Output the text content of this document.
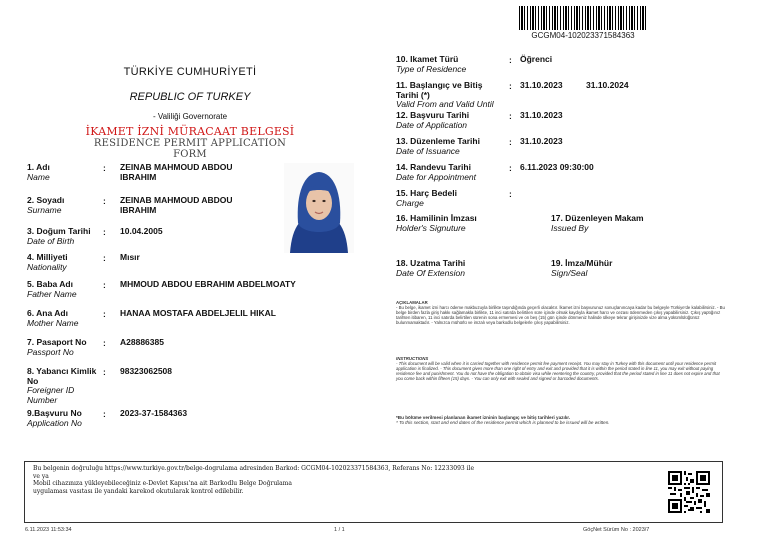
GCGM04-102023371584363
TÜRKİYE CUMHURİYETİ
REPUBLIC OF TURKEY
- Valiliği Governorate
İKAMET İZNİ MÜRACAAT BELGESİ
RESIDENCE PERMIT APPLICATION FORM
1. Adı
Name
: ZEINAB MAHMOUD ABDOU IBRAHIM
2. Soyadı
Surname
: ZEINAB MAHMOUD ABDOU IBRAHIM
3. Doğum Tarihi
Date of Birth
: 10.04.2005
4. Milliyeti
Nationality
: Mısır
5. Baba Adı
Father Name
: MHMOUD ABDOU EBRAHIM ABDELMOATY
6. Ana Adı
Mother Name
: HANAA MOSTAFA ABDELJELIL HIKAL
7. Pasaport No
Passport No
: A28886385
8. Yabancı Kimlik No
Foreigner ID Number
: 98323062508
9.Başvuru No
Application No
: 2023-37-1584363
10. Ikamet Türü
Type of Residence
: Öğrenci
11. Başlangıç ve Bitiş Tarihi (*)
Valid From and Valid Until
: 31.10.2023	31.10.2024
12. Başvuru Tarihi
Date of Application
: 31.10.2023
13. Düzenleme Tarihi
Date of Issuance
: 31.10.2023
14. Randevu Tarihi
Date for Appointment
: 6.11.2023 09:30:00
15. Harç Bedeli
Charge
:
16. Hamilinin İmzası
Holder's Signuture
17. Düzenleyen Makam
Issued By
18. Uzatma Tarihi
Date Of Extension
19. İmza/Mühür
Sign/Seal
AÇIKLAMALAR
- Bu belge, ikamet izni harcı ödeme makbuzuyla birlikte taşındığında geçerli olacaktır. İkamet izni başvurunuz sonuçlanıncaya kadar bu belgeyle Türkiye'de kalabilirsiniz. - Bu belge birden fazla giriş hakkı sağlamakla birlikte, 11 inci satırda belirtilen süre içinde olmak kaydıyla ikamet harcı ve cezası ödenmeden çıkış yapabilirsiniz. Çıkış yaptığınız tarihten itibaren, 11 inci satırda belirtilen sürenin sona ermemesi ve on beş (15) gün içinde dönmeniz halinde ülkeye tekrar girişinizde vize alma yükümlülüğünüz bulunmamaktadır. - Yalnızca mühürlü ve imzalı veya barkodlu belgelerle çıkış yapabilirsiniz.
INSTRUCTIONS
- This document will be valid when it is carried together with residence permit fee payment receipt. You may stay in Turkey with this document until your residence permit application is finalized. - This document gives more than one right of entry and exit and provided that it is within the period stated in line 11, you may exit without paying residence fee and punishment. You do not have the obligation to obtain visa while reentering the country, provided that the period stated in line 11 does not expire and that you come back within fifteen (15) days. - You can only exit with sealed and signed or barcoded documents.
*Bu bölüme verilmesi planlanan ikamet izninin başlangıç ve bitiş tarihleri yazılır.
* To this section, start and end dates of the residence permit which is planned to be issued will be written.
Bu belgenin doğruluğu https://www.turkiye.gov.tr/belge-dogrulama adresinden Barkod: GCGM04-102023371584363, Referans No: 12233093 ile
ve ya
Mobil cihazınıza yükleyebileceğiniz e-Devlet Kapısı'na ait Barkodlu Belge Doğrulama
uygulaması vasıtası ile yandaki karekod okutularak kontrol edilebilir.
6.11.2023 11:53:34	1 / 1	GöçNet Sürüm No : 2023/7
